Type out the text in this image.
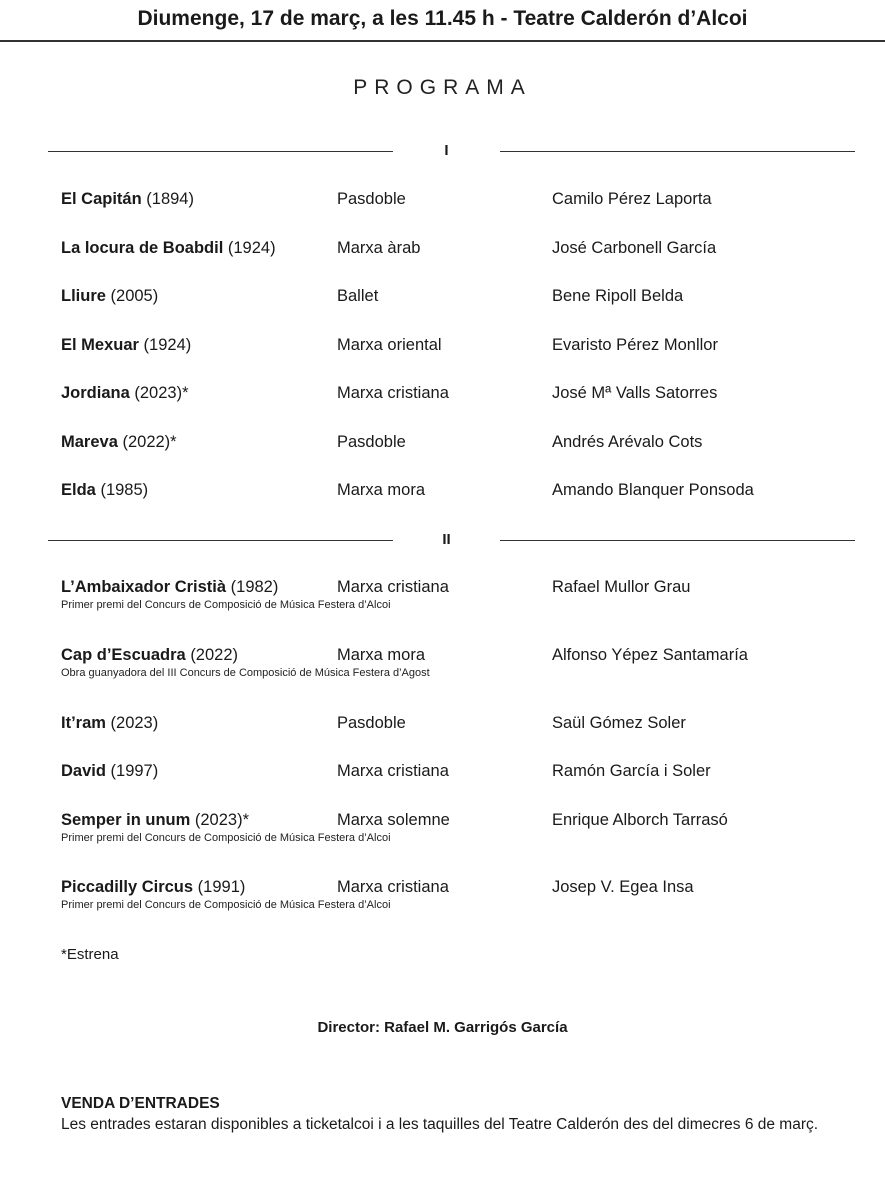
Diumenge, 17 de març, a les 11.45 h - Teatre Calderón d’Alcoi
PROGRAMA
I
El Capitán (1894)	Pasdoble	Camilo Pérez Laporta
La locura de Boabdil (1924)	Marxa àrab	José Carbonell García
Lliure (2005)	Ballet	Bene Ripoll Belda
El Mexuar (1924)	Marxa oriental	Evaristo Pérez Monllor
Jordiana (2023)*	Marxa cristiana	José Mª Valls Satorres
Mareva (2022)*	Pasdoble	Andrés Arévalo Cots
Elda (1985)	Marxa mora	Amando Blanquer Ponsoda
II
L’Ambaixador Cristià (1982)	Marxa cristiana	Rafael Mullor Grau
Primer premi del Concurs de Composició de Música Festera d’Alcoi
Cap d’Escuadra (2022)	Marxa mora	Alfonso Yépez Santamaría
Obra guanyadora del III Concurs de Composició de Música Festera d’Agost
It’ram (2023)	Pasdoble	Saül Gómez Soler
David (1997)	Marxa cristiana	Ramón García i Soler
Semper in unum (2023)*	Marxa solemne	Enrique Alborch Tarrasó
Primer premi del Concurs de Composició de Música Festera d’Alcoi
Piccadilly Circus (1991)	Marxa cristiana	Josep V. Egea Insa
Primer premi del Concurs de Composició de Música Festera d’Alcoi
*Estrena
Director: Rafael M. Garrigós García
VENDA D’ENTRADES
Les entrades estaran disponibles a ticketalcoi i a les taquilles del Teatre Calderón des del dimecres 6 de març.
